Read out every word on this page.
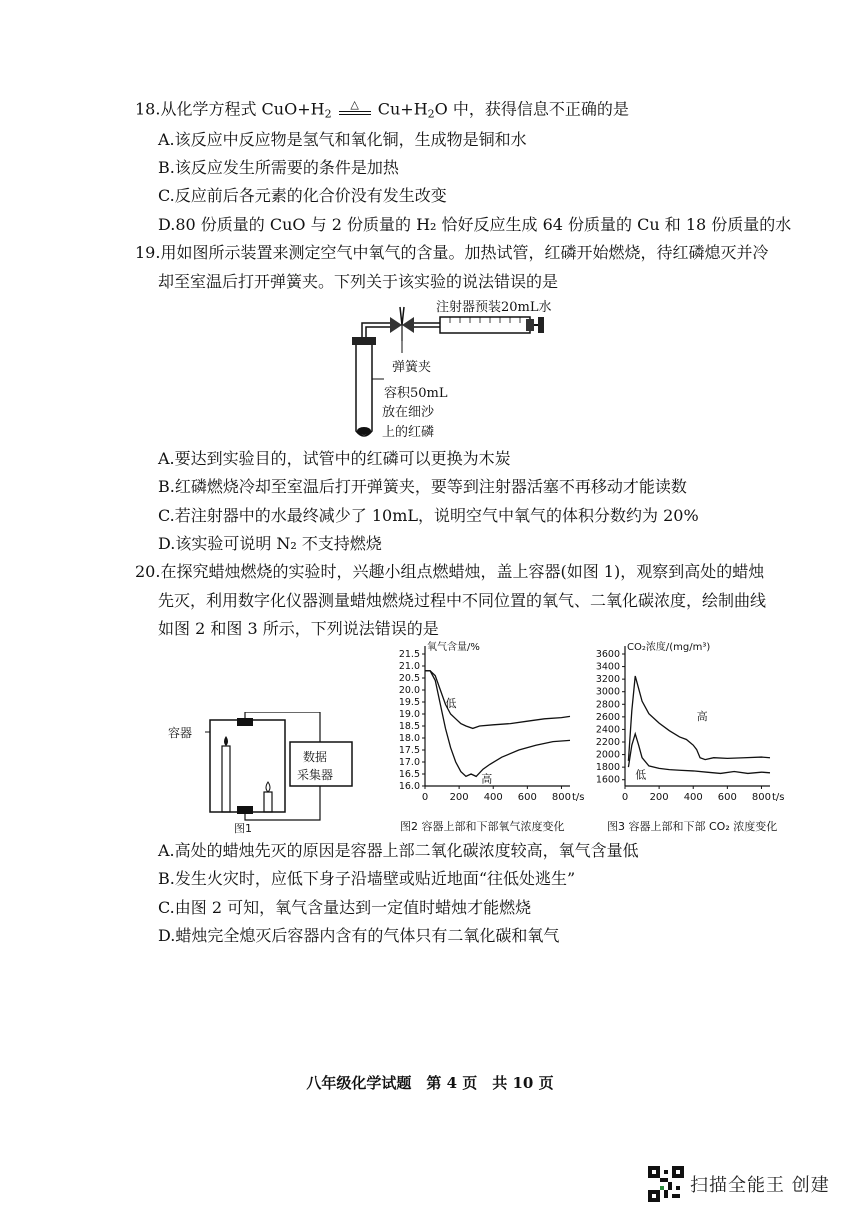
18.从化学方程式 $CuO+H_2$ △ $Cu+H_2O$ 中，获得信息不正确的是
A.该反应中反应物是氢气和氧化铜，生成物是铜和水
B.该反应发生所需要的条件是加热
C.反应前后各元素的化合价没有发生改变
D.80 份质量的 CuO 与 2 份质量的 H₂ 恰好反应生成 64 份质量的 Cu 和 18 份质量的水
19.用如图所示装置来测定空气中氧气的含量。加热试管，红磷开始燃烧，待红磷熄灭并冷
却至室温后打开弹簧夹。下列关于该实验的说法错误的是
注射器预装20mL水
弹簧夹
容积50mL
放在细沙
上的红磷
A.要达到实验目的，试管中的红磷可以更换为木炭
B.红磷燃烧冷却至室温后打开弹簧夹，要等到注射器活塞不再移动才能读数
C.若注射器中的水最终减少了 10mL，说明空气中氧气的体积分数约为 20%
D.该实验可说明 N₂ 不支持燃烧
20.在探究蜡烛燃烧的实验时，兴趣小组点燃蜡烛，盖上容器(如图 1)，观察到高处的蜡烛
先灭，利用数字化仪器测量蜡烛燃烧过程中不同位置的氧气、二氧化碳浓度，绘制曲线
如图 2 和图 3 所示，下列说法错误的是
容器
数据
采集器
图1
氧气含量/%
16.0
16.5
17.0
17.5
18.0
18.5
19.0
19.5
20.0
20.5
21.0
21.5
0 200 400 600 800 t/s
低
高
图2 容器上部和下部氧气浓度变化
CO₂浓度/(mg/m³)
1600
1800
2000
2200
2400
2600
2800
3000
3200
3400
3600
0 200 400 600 800 t/s
高
低
图3 容器上部和下部 CO₂ 浓度变化
A.高处的蜡烛先灭的原因是容器上部二氧化碳浓度较高，氧气含量低
B.发生火灾时，应低下身子沿墙壁或贴近地面“往低处逃生”
C.由图 2 可知，氧气含量达到一定值时蜡烛才能燃烧
D.蜡烛完全熄灭后容器内含有的气体只有二氧化碳和氧气
八年级化学试题　第 4 页　共 10 页
扫描全能王 创建
